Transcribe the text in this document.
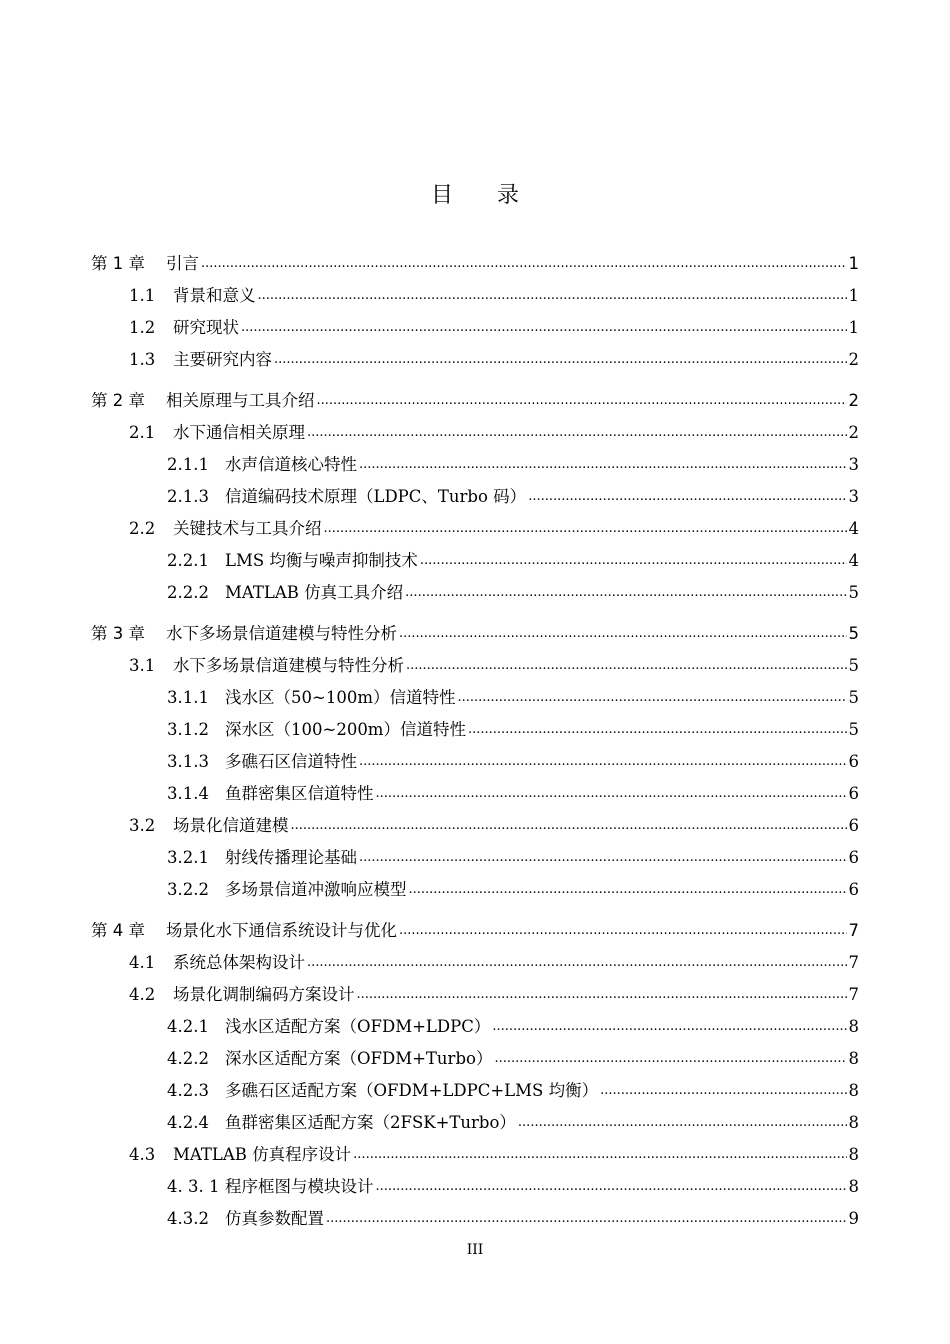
目录
第 1 章	引言 .....	1
1.1	背景和意义 .....	1
1.2	研究现状 .....	1
1.3	主要研究内容 .....	2
第 2 章	相关原理与工具介绍 .....	2
2.1	水下通信相关原理 .....	2
2.1.1 水声信道核心特性 .....	3
2.1.3 信道编码技术原理（LDPC、Turbo 码） .....	3
2.2	关键技术与工具介绍 .....	4
2.2.1 LMS 均衡与噪声抑制技术 .....	4
2.2.2 MATLAB 仿真工具介绍 .....	5
第 3 章	水下多场景信道建模与特性分析 .....	5
3.1	水下多场景信道建模与特性分析 .....	5
3.1.1 浅水区（50~100m）信道特性 .....	5
3.1.2 深水区（100~200m）信道特性 .....	5
3.1.3 多礁石区信道特性 .....	6
3.1.4 鱼群密集区信道特性 .....	6
3.2	场景化信道建模 .....	6
3.2.1 射线传播理论基础 .....	6
3.2.2 多场景信道冲激响应模型 .....	6
第 4 章	场景化水下通信系统设计与优化 .....	7
4.1	系统总体架构设计 .....	7
4.2	场景化调制编码方案设计 .....	7
4.2.1 浅水区适配方案（OFDM+LDPC） .....	8
4.2.2 深水区适配方案（OFDM+Turbo） .....	8
4.2.3 多礁石区适配方案（OFDM+LDPC+LMS 均衡） .....	8
4.2.4 鱼群密集区适配方案（2FSK+Turbo） .....	8
4.3	MATLAB 仿真程序设计 .....	8
4. 3. 1 程序框图与模块设计 .....	8
4.3.2 仿真参数配置 .....	9
III
